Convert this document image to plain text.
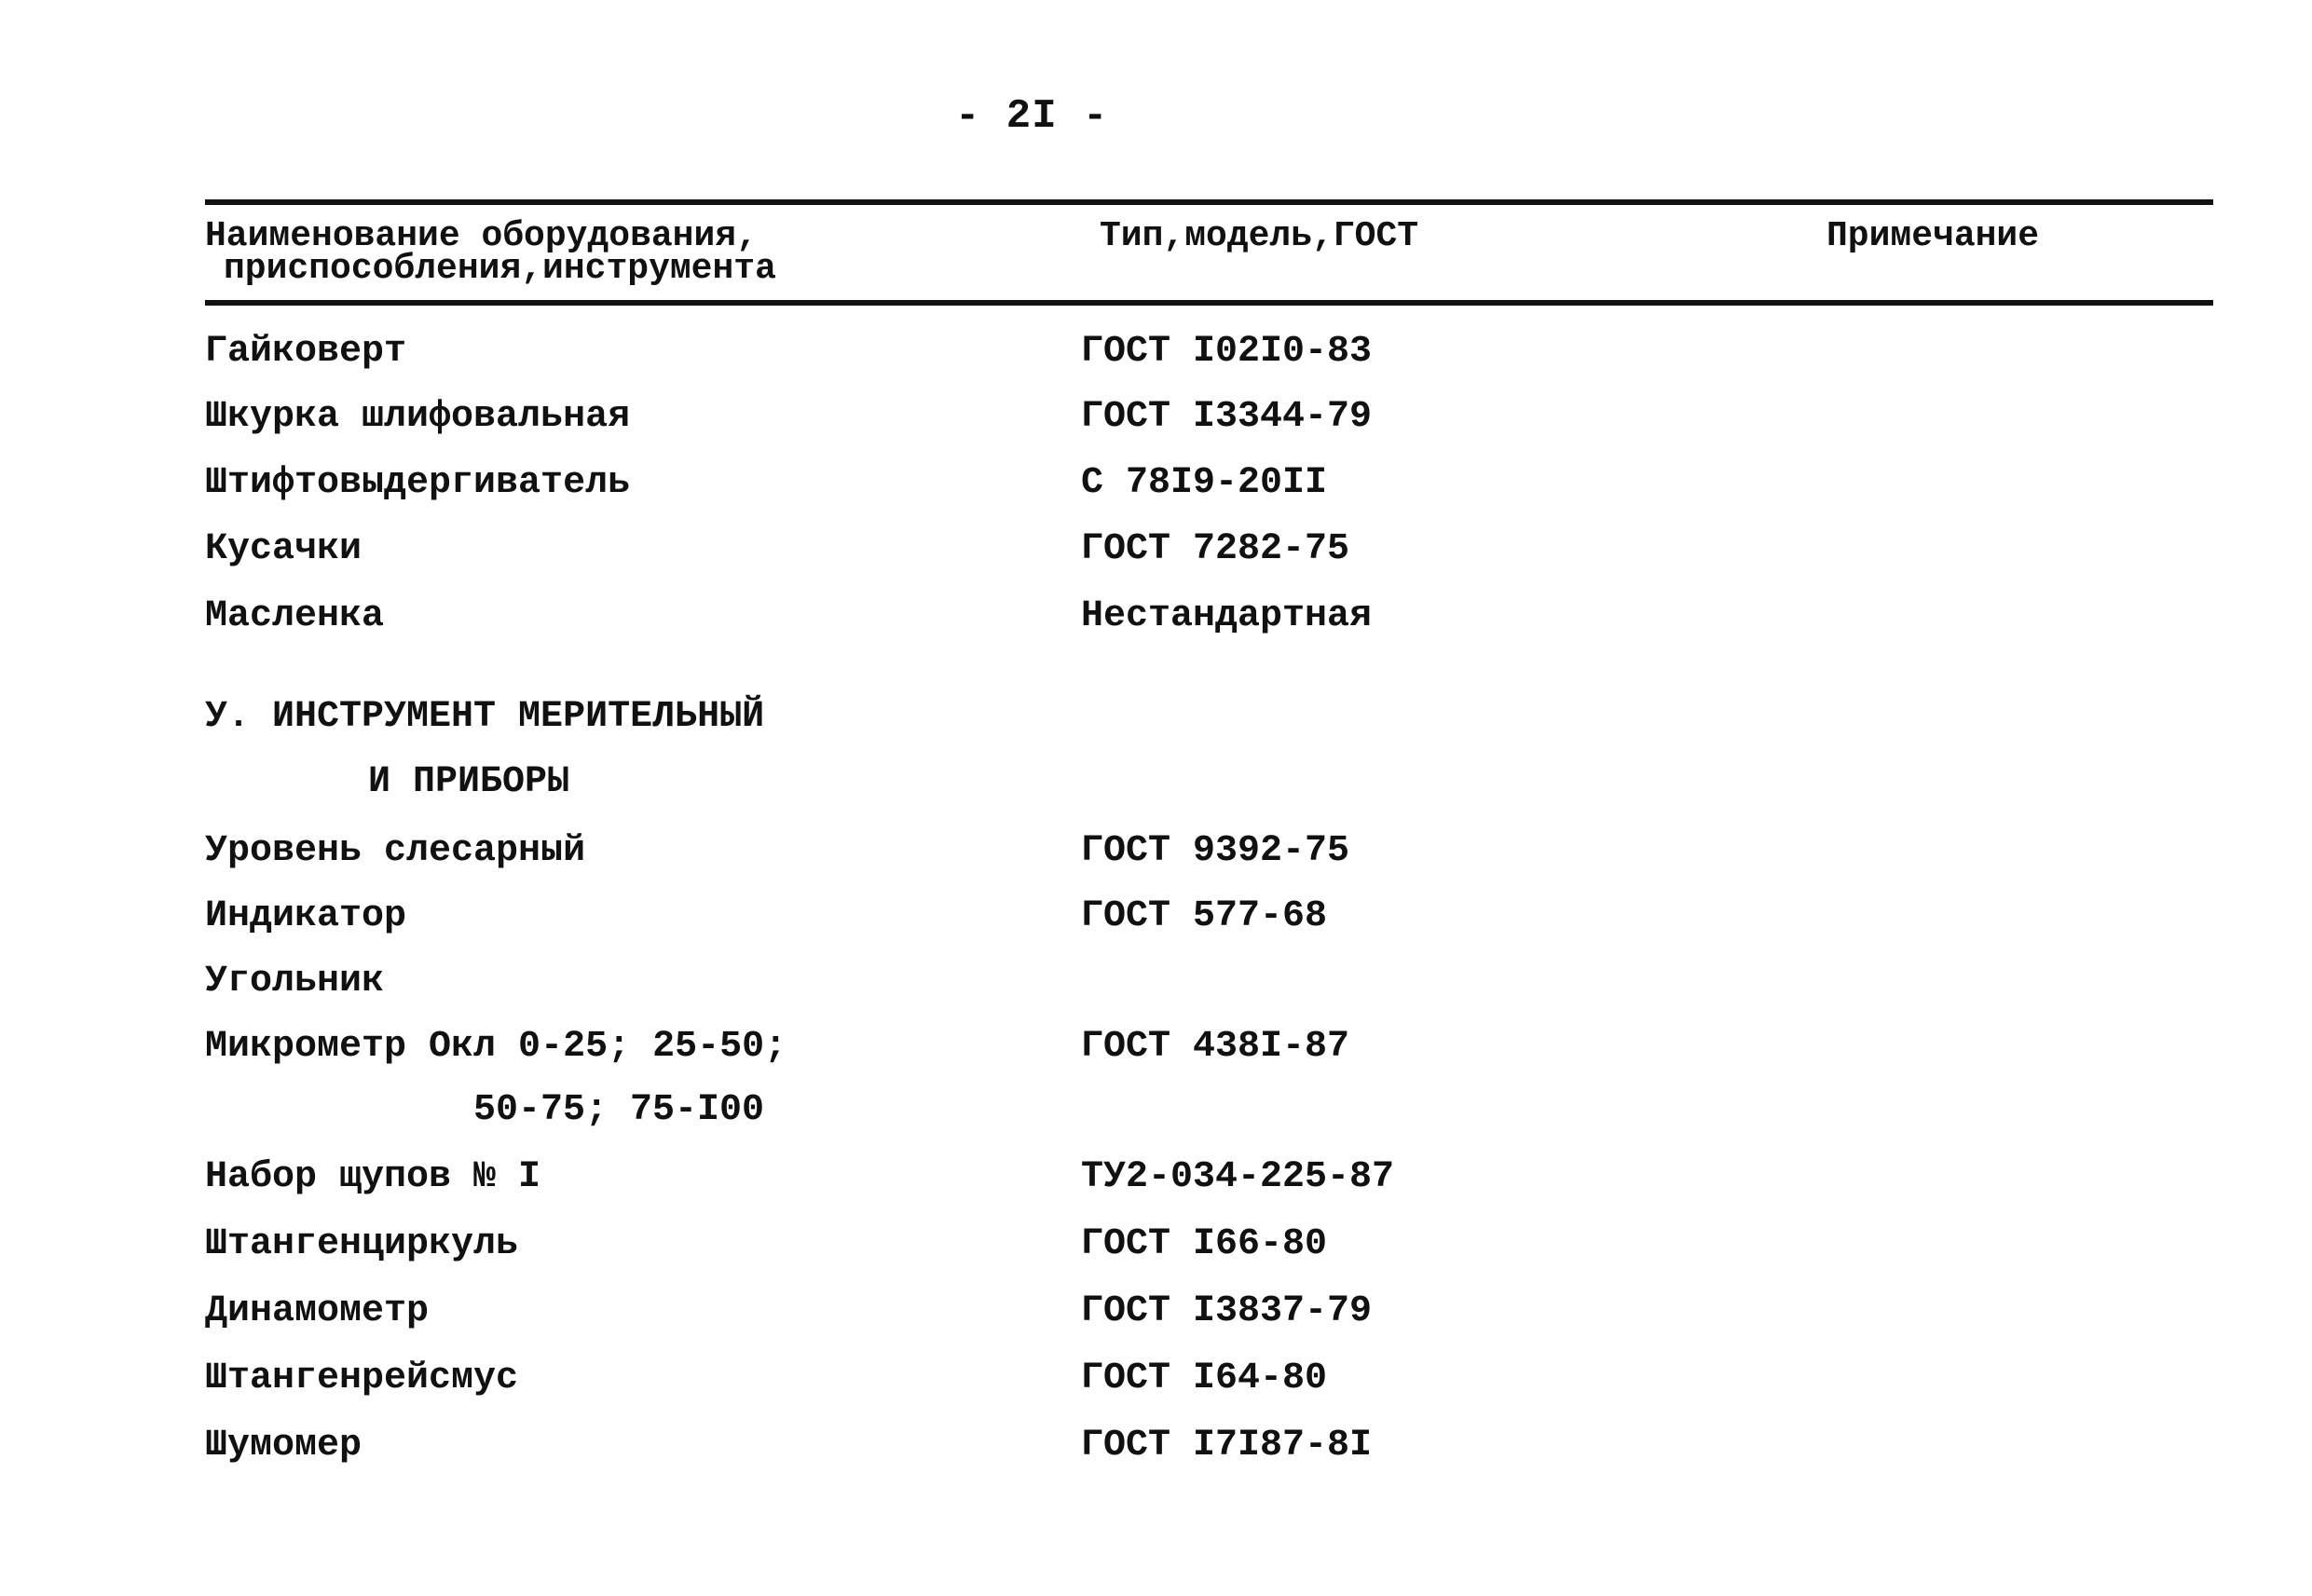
- 2I -
Наименование оборудования,
приспособления,инструмента
Тип,модель,ГОСТ	Примечание
Гайковерт	ГОСТ I02I0-83
Шкурка шлифовальная	ГОСТ I3344-79
Штифтовыдергиватель	С 78I9-20II
Кусачки	ГОСТ 7282-75
Масленка	Нестандартная
У. ИНСТРУМЕНТ МЕРИТЕЛЬНЫЙ
И ПРИБОРЫ
Уровень слесарный	ГОСТ 9392-75
Индикатор	ГОСТ 577-68
Угольник
Микрометр Окл 0-25; 25-50;	ГОСТ 438I-87
50-75; 75-I00
Набор щупов № I	ТУ2-034-225-87
Штангенциркуль	ГОСТ I66-80
Динамометр	ГОСТ I3837-79
Штангенрейсмус	ГОСТ I64-80
Шумомер	ГОСТ I7I87-8I
